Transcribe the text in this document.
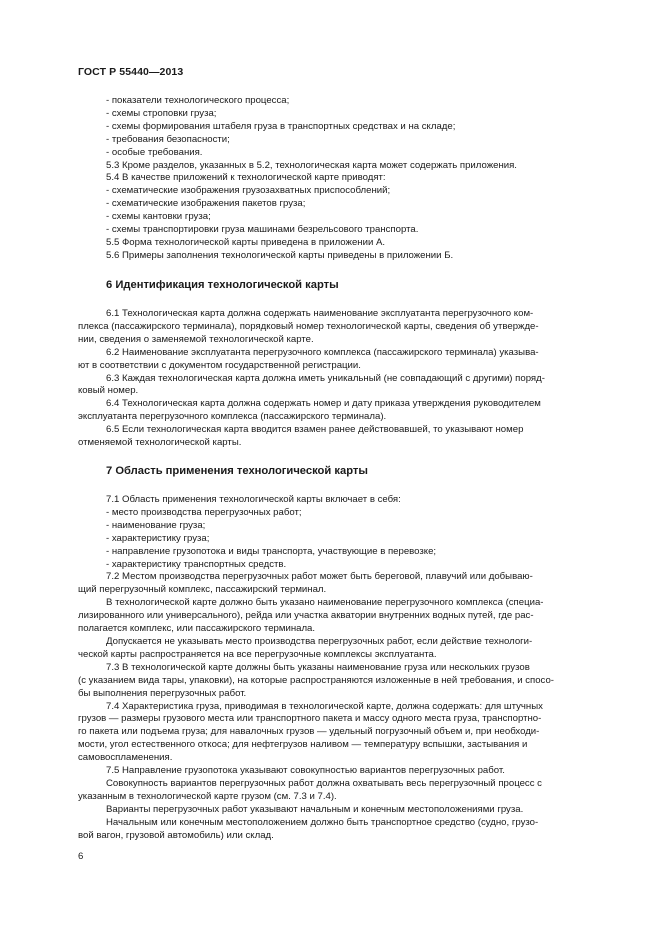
ГОСТ Р 55440—2013
- показатели технологического процесса;
- схемы строповки груза;
- схемы формирования штабеля груза в транспортных средствах и на складе;
- требования безопасности;
- особые требования.
5.3 Кроме разделов, указанных в 5.2, технологическая карта может содержать приложения.
5.4 В качестве приложений к технологической карте приводят:
- схематические изображения грузозахватных приспособлений;
- схематические изображения пакетов груза;
- схемы кантовки груза;
- схемы транспортировки груза машинами безрельсового транспорта.
5.5 Форма технологической карты приведена в приложении А.
5.6 Примеры заполнения технологической карты приведены в приложении Б.
6 Идентификация технологической карты
6.1 Технологическая карта должна содержать наименование эксплуатанта перегрузочного ком-
плекса (пассажирского терминала), порядковый номер технологической карты, сведения об утвержде-
нии, сведения о заменяемой технологической карте.
6.2 Наименование эксплуатанта перегрузочного комплекса (пассажирского терминала) указыва-
ют в соответствии с документом государственной регистрации.
6.3 Каждая технологическая карта должна иметь уникальный (не совпадающий с другими) поряд-
ковый номер.
6.4 Технологическая карта должна содержать номер и дату приказа утверждения руководителем
эксплуатанта перегрузочного комплекса (пассажирского терминала).
6.5 Если технологическая карта вводится взамен ранее действовавшей, то указывают номер
отменяемой технологической карты.
7 Область применения технологической карты
7.1 Область применения технологической карты включает в себя:
- место производства перегрузочных работ;
- наименование груза;
- характеристику груза;
- направление грузопотока и виды транспорта, участвующие в перевозке;
- характеристику транспортных средств.
7.2 Местом производства перегрузочных работ может быть береговой, плавучий или добываю-
щий перегрузочный комплекс, пассажирский терминал.
В технологической карте должно быть указано наименование перегрузочного комплекса (специа-
лизированного или универсального), рейда или участка акватории внутренних водных путей, где рас-
полагается комплекс, или пассажирского терминала.
Допускается не указывать место производства перегрузочных работ, если действие технологи-
ческой карты распространяется на все перегрузочные комплексы эксплуатанта.
7.3 В технологической карте должны быть указаны наименование груза или нескольких грузов
(с указанием вида тары, упаковки), на которые распространяются изложенные в ней требования, и спосо-
бы выполнения перегрузочных работ.
7.4 Характеристика груза, приводимая в технологической карте, должна содержать: для штучных
грузов — размеры грузового места или транспортного пакета и массу одного места груза, транспортно-
го пакета или подъема груза; для навалочных грузов — удельный погрузочный объем и, при необходи-
мости, угол естественного откоса; для нефтегрузов наливом — температуру вспышки, застывания и
самовоспламенения.
7.5 Направление грузопотока указывают совокупностью вариантов перегрузочных работ.
Совокупность вариантов перегрузочных работ должна охватывать весь перегрузочный процесс с
указанным в технологической карте грузом (см. 7.3 и 7.4).
Варианты перегрузочных работ указывают начальным и конечным местоположениями груза.
Начальным или конечным местоположением должно быть транспортное средство (судно, грузо-
вой вагон, грузовой автомобиль) или склад.
6
